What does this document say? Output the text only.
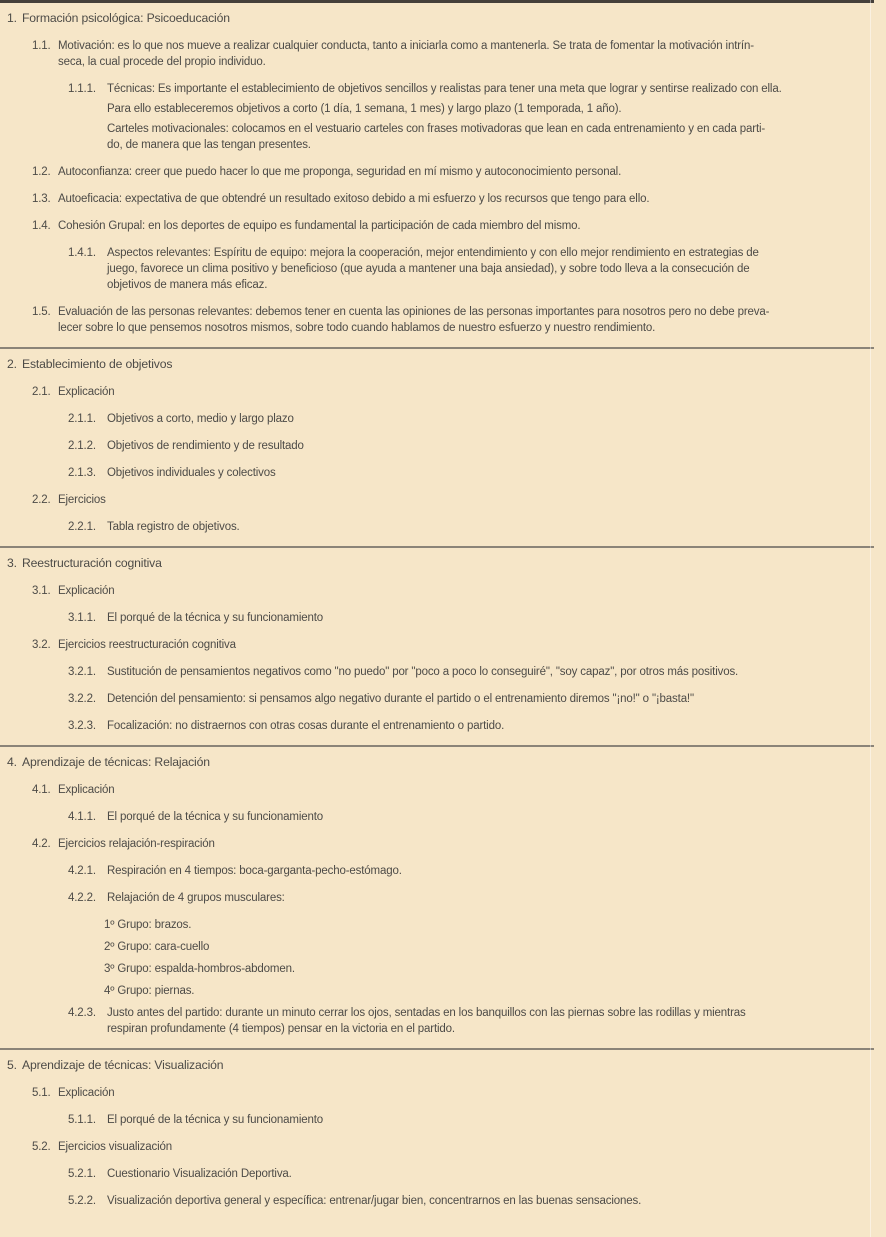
1. Formación psicológica: Psicoeducación
1.1. Motivación: es lo que nos mueve a realizar cualquier conducta, tanto a iniciarla como a mantenerla. Se trata de fomentar la motivación intrín-
seca, la cual procede del propio individuo.
1.1.1. Técnicas: Es importante el establecimiento de objetivos sencillos y realistas para tener una meta que lograr y sentirse realizado con ella.
Para ello estableceremos objetivos a corto (1 día, 1 semana, 1 mes) y largo plazo (1 temporada, 1 año).
Carteles motivacionales: colocamos en el vestuario carteles con frases motivadoras que lean en cada entrenamiento y en cada parti-
do, de manera que las tengan presentes.
1.2. Autoconfianza: creer que puedo hacer lo que me proponga, seguridad en mí mismo y autoconocimiento personal.
1.3. Autoeficacia: expectativa de que obtendré un resultado exitoso debido a mi esfuerzo y los recursos que tengo para ello.
1.4. Cohesión Grupal: en los deportes de equipo es fundamental la participación de cada miembro del mismo.
1.4.1. Aspectos relevantes: Espíritu de equipo: mejora la cooperación, mejor entendimiento y con ello mejor rendimiento en estrategias de
juego, favorece un clima positivo y beneficioso (que ayuda a mantener una baja ansiedad), y sobre todo lleva a la consecución de
objetivos de manera más eficaz.
1.5. Evaluación de las personas relevantes: debemos tener en cuenta las opiniones de las personas importantes para nosotros pero no debe preva-
lecer sobre lo que pensemos nosotros mismos, sobre todo cuando hablamos de nuestro esfuerzo y nuestro rendimiento.
2. Establecimiento de objetivos
2.1. Explicación
2.1.1. Objetivos a corto, medio y largo plazo
2.1.2. Objetivos de rendimiento y de resultado
2.1.3. Objetivos individuales y colectivos
2.2. Ejercicios
2.2.1. Tabla registro de objetivos.
3. Reestructuración cognitiva
3.1. Explicación
3.1.1. El porqué de la técnica y su funcionamiento
3.2. Ejercicios reestructuración cognitiva
3.2.1. Sustitución de pensamientos negativos como "no puedo" por "poco a poco lo conseguiré", "soy capaz", por otros más positivos.
3.2.2. Detención del pensamiento: si pensamos algo negativo durante el partido o el entrenamiento diremos "¡no!" o "¡basta!"
3.2.3. Focalización: no distraernos con otras cosas durante el entrenamiento o partido.
4. Aprendizaje de técnicas: Relajación
4.1. Explicación
4.1.1. El porqué de la técnica y su funcionamiento
4.2. Ejercicios relajación-respiración
4.2.1. Respiración en 4 tiempos: boca-garganta-pecho-estómago.
4.2.2. Relajación de 4 grupos musculares:
1º Grupo: brazos.
2º Grupo: cara-cuello
3º Grupo: espalda-hombros-abdomen.
4º Grupo: piernas.
4.2.3. Justo antes del partido: durante un minuto cerrar los ojos, sentadas en los banquillos con las piernas sobre las rodillas y mientras
respiran profundamente (4 tiempos) pensar en la victoria en el partido.
5. Aprendizaje de técnicas: Visualización
5.1. Explicación
5.1.1. El porqué de la técnica y su funcionamiento
5.2. Ejercicios visualización
5.2.1. Cuestionario Visualización Deportiva.
5.2.2. Visualización deportiva general y específica: entrenar/jugar bien, concentrarnos en las buenas sensaciones.
